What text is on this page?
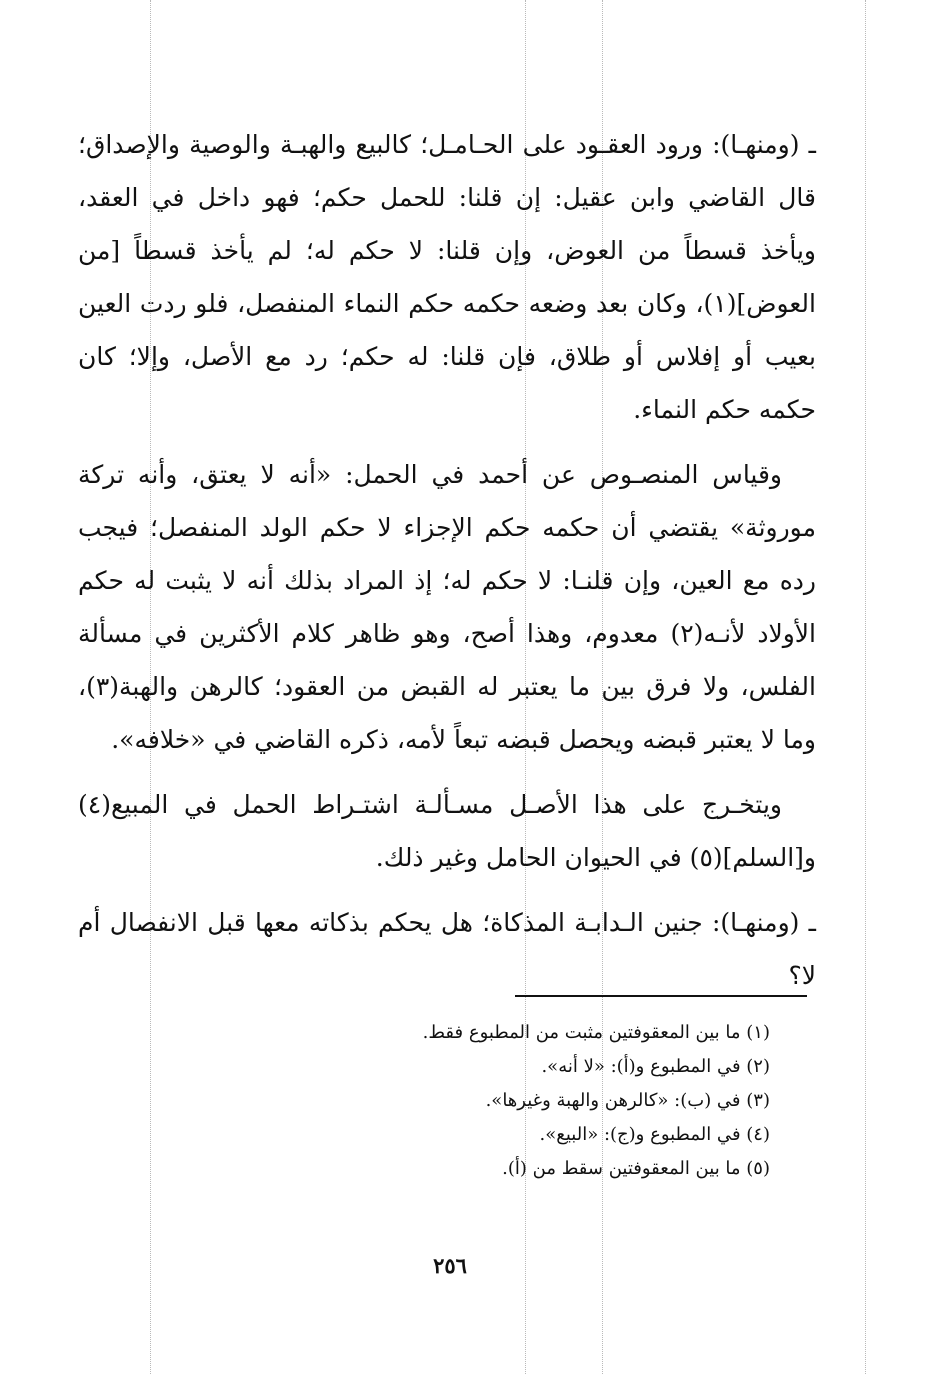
ـ (ومنهـا): ورود العقـود على الحـامـل؛ كالبيع والهبـة والوصية والإصداق؛ قال القاضي وابن عقيل: إن قلنا: للحمل حكم؛ فهو داخل في العقد، ويأخذ قسطاً من العوض، وإن قلنا: لا حكم له؛ لم يأخذ قسطاً [من العوض](١)، وكان بعد وضعه حكمه حكم النماء المنفصل، فلو ردت العين بعيب أو إفلاس أو طلاق، فإن قلنا: له حكم؛ رد مع الأصل، وإلا؛ كان حكمه حكم النماء.

وقياس المنصـوص عن أحمد في الحمل: «أنه لا يعتق، وأنه تركة موروثة» يقتضي أن حكمه حكم الإجزاء لا حكم الولد المنفصل؛ فيجب رده مع العين، وإن قلنـا: لا حكم له؛ إذ المراد بذلك أنه لا يثبت له حكم الأولاد لأنـه(٢) معدوم، وهذا أصح، وهو ظاهر كلام الأكثرين في مسألة الفلس، ولا فرق بين ما يعتبر له القبض من العقود؛ كالرهن والهبة(٣)، وما لا يعتبر قبضه ويحصل قبضه تبعاً لأمه، ذكره القاضي في «خلافه».

ويتخـرج على هذا الأصـل مسـألـة اشتـراط الحمل في المبيع(٤) و[السلم](٥) في الحيوان الحامل وغير ذلك.

ـ (ومنهـا): جنين الـدابـة المذكاة؛ هل يحكم بذكاته معها قبل الانفصال أم لا؟

(١) ما بين المعقوفتين مثبت من المطبوع فقط.
(٢) في المطبوع و(أ): «لا أنه».
(٣) في (ب): «كالرهن والهبة وغيرها».
(٤) في المطبوع و(ج): «البيع».
(٥) ما بين المعقوفتين سقط من (أ).
٢٥٦
